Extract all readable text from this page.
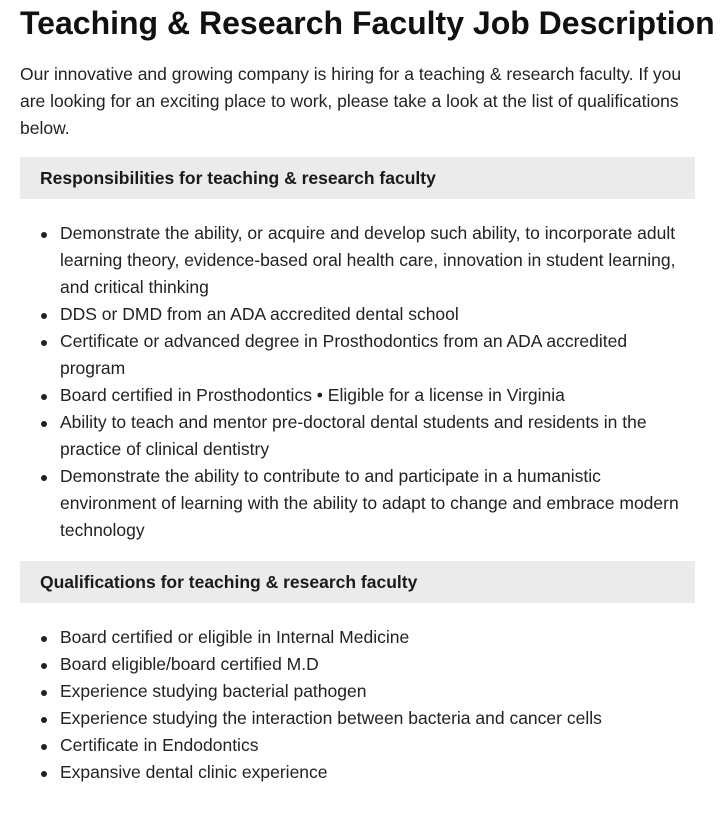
Teaching & Research Faculty Job Description

Our innovative and growing company is hiring for a teaching & research faculty. If you are looking for an exciting place to work, please take a look at the list of qualifications below.

Responsibilities for teaching & research faculty
Demonstrate the ability, or acquire and develop such ability, to incorporate adult learning theory, evidence-based oral health care, innovation in student learning, and critical thinking
DDS or DMD from an ADA accredited dental school
Certificate or advanced degree in Prosthodontics from an ADA accredited program
Board certified in Prosthodontics • Eligible for a license in Virginia
Ability to teach and mentor pre-doctoral dental students and residents in the practice of clinical dentistry
Demonstrate the ability to contribute to and participate in a humanistic environment of learning with the ability to adapt to change and embrace modern technology
Qualifications for teaching & research faculty
Board certified or eligible in Internal Medicine
Board eligible/board certified M.D
Experience studying bacterial pathogen
Experience studying the interaction between bacteria and cancer cells
Certificate in Endodontics
Expansive dental clinic experience
